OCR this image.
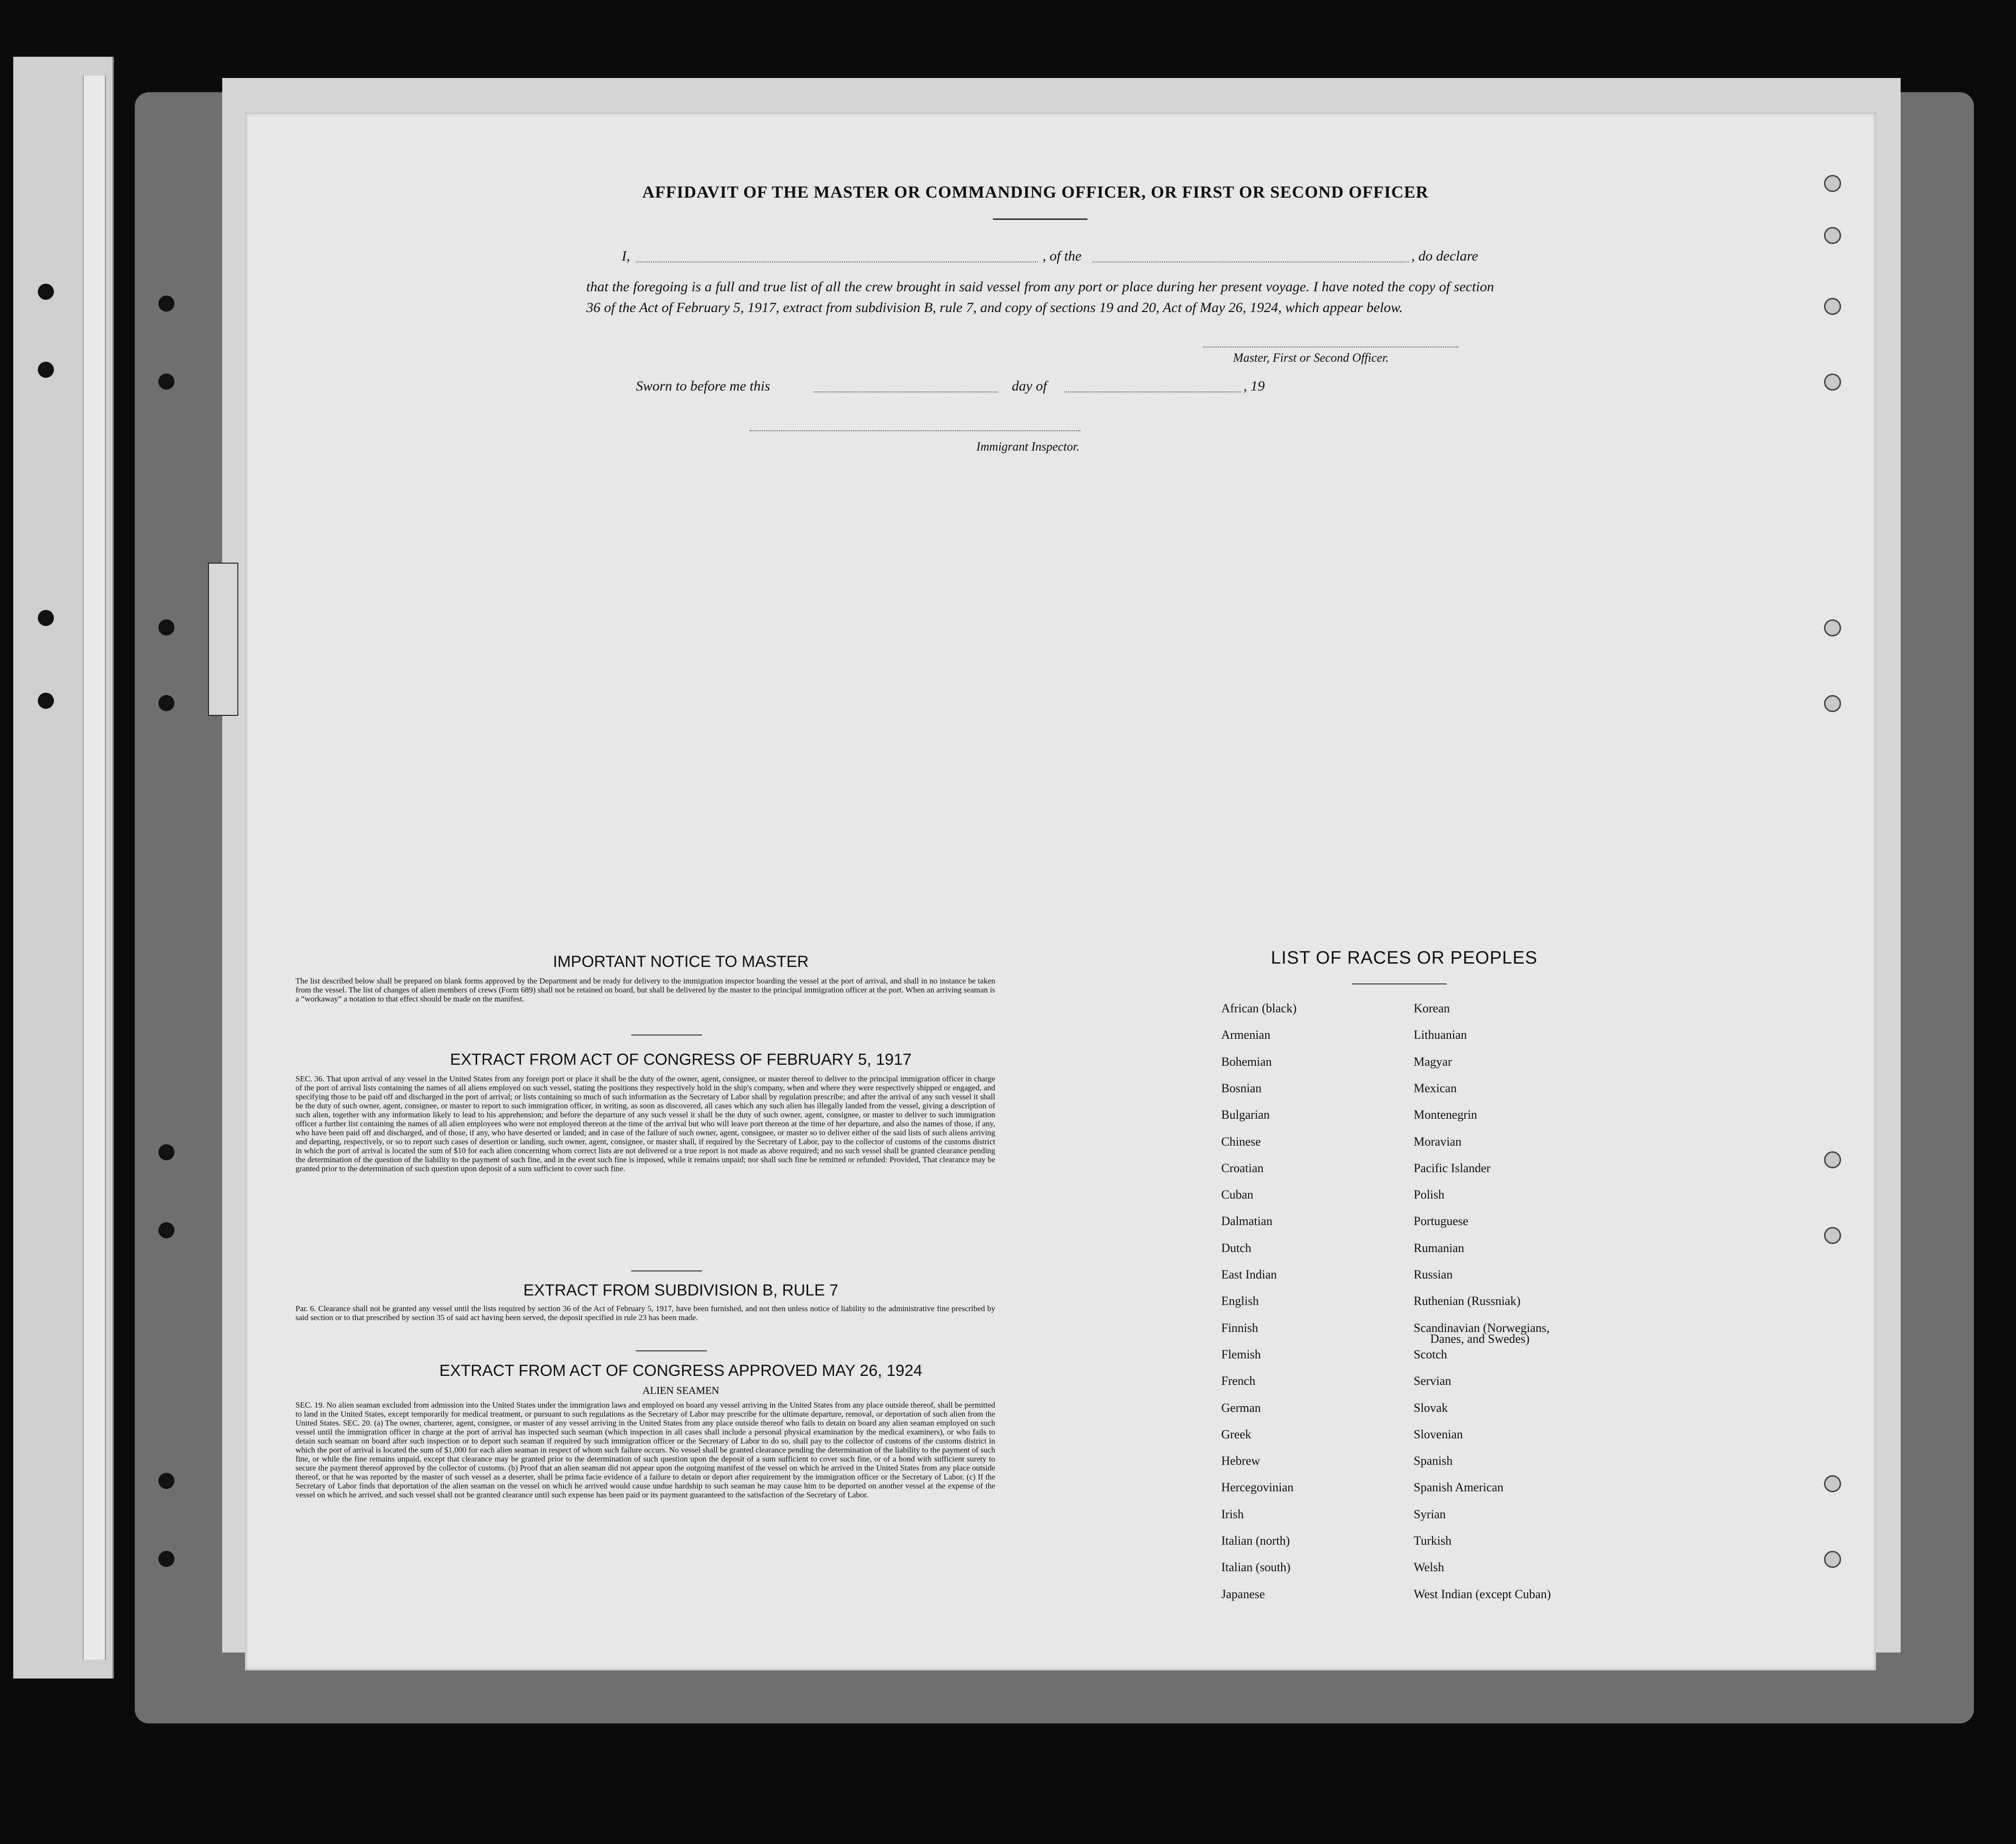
AFFIDAVIT OF THE MASTER OR COMMANDING OFFICER, OR FIRST OR SECOND OFFICER
I,	, of the	, do declare
that the foregoing is a full and true list of all the crew brought in said vessel from any port or place during her present voyage. I have noted the copy of section 36 of the Act of February 5, 1917, extract from subdivision B, rule 7, and copy of sections 19 and 20, Act of May 26, 1924, which appear below.
Master, First or Second Officer.
Sworn to before me this	day of	, 19
Immigrant Inspector.
IMPORTANT NOTICE TO MASTER
The list described below shall be prepared on blank forms approved by the Department and be ready for delivery to the immigration inspector boarding the vessel at the port of arrival, and shall in no instance be taken from the vessel. The list of changes of alien members of crews (Form 689) shall not be retained on board, but shall be delivered by the master to the principal immigration officer at the port. When an arriving seaman is a “workaway” a notation to that effect should be made on the manifest.
EXTRACT FROM ACT OF CONGRESS OF FEBRUARY 5, 1917
SEC. 36. That upon arrival of any vessel in the United States from any foreign port or place it shall be the duty of the owner, agent, consignee, or master thereof to deliver to the principal immigration officer in charge of the port of arrival lists containing the names of all aliens employed on such vessel, stating the positions they respectively hold in the ship's company, when and where they were respectively shipped or engaged, and specifying those to be paid off and discharged in the port of arrival; or lists containing so much of such information as the Secretary of Labor shall by regulation prescribe; and after the arrival of any such vessel it shall be the duty of such owner, agent, consignee, or master to report to such immigration officer, in writing, as soon as discovered, all cases which any such alien has illegally landed from the vessel, giving a description of such alien, together with any information likely to lead to his apprehension; and before the departure of any such vessel it shall be the duty of such owner, agent, consignee, or master to deliver to such immigration officer a further list containing the names of all alien employees who were not employed thereon at the time of the arrival but who will leave port thereon at the time of her departure, and also the names of those, if any, who have been paid off and discharged, and of those, if any, who have deserted or landed; and in case of the failure of such owner, agent, consignee, or master so to deliver either of the said lists of such aliens arriving and departing, respectively, or so to report such cases of desertion or landing, such owner, agent, consignee, or master shall, if required by the Secretary of Labor, pay to the collector of customs of the customs district in which the port of arrival is located the sum of $10 for each alien concerning whom correct lists are not delivered or a true report is not made as above required; and no such vessel shall be granted clearance pending the determination of the question of the liability to the payment of such fine, and in the event such fine is imposed, while it remains unpaid; nor shall such fine be remitted or refunded: Provided, That clearance may be granted prior to the determination of such question upon deposit of a sum sufficient to cover such fine.
EXTRACT FROM SUBDIVISION B, RULE 7
Par. 6. Clearance shall not be granted any vessel until the lists required by section 36 of the Act of February 5, 1917, have been furnished, and not then unless notice of liability to the administrative fine prescribed by said section or to that prescribed by section 35 of said act having been served, the deposit specified in rule 23 has been made.
EXTRACT FROM ACT OF CONGRESS APPROVED MAY 26, 1924
ALIEN SEAMEN
SEC. 19. No alien seaman excluded from admission into the United States under the immigration laws and employed on board any vessel arriving in the United States from any place outside thereof, shall be permitted to land in the United States, except temporarily for medical treatment, or pursuant to such regulations as the Secretary of Labor may prescribe for the ultimate departure, removal, or deportation of such alien from the United States. SEC. 20. (a) The owner, charterer, agent, consignee, or master of any vessel arriving in the United States from any place outside thereof who fails to detain on board any alien seaman employed on such vessel until the immigration officer in charge at the port of arrival has inspected such seaman (which inspection in all cases shall include a personal physical examination by the medical examiners), or who fails to detain such seaman on board after such inspection or to deport such seaman if required by such immigration officer or the Secretary of Labor to do so, shall pay to the collector of customs of the customs district in which the port of arrival is located the sum of $1,000 for each alien seaman in respect of whom such failure occurs. No vessel shall be granted clearance pending the determination of the liability to the payment of such fine, or while the fine remains unpaid, except that clearance may be granted prior to the determination of such question upon the deposit of a sum sufficient to cover such fine, or of a bond with sufficient surety to secure the payment thereof approved by the collector of customs. (b) Proof that an alien seaman did not appear upon the outgoing manifest of the vessel on which he arrived in the United States from any place outside thereof, or that he was reported by the master of such vessel as a deserter, shall be prima facie evidence of a failure to detain or deport after requirement by the immigration officer or the Secretary of Labor. (c) If the Secretary of Labor finds that deportation of the alien seaman on the vessel on which he arrived would cause undue hardship to such seaman he may cause him to be deported on another vessel at the expense of the vessel on which he arrived, and such vessel shall not be granted clearance until such expense has been paid or its payment guaranteed to the satisfaction of the Secretary of Labor.
LIST OF RACES OR PEOPLES
African (black)
Armenian
Bohemian
Bosnian
Bulgarian
Chinese
Croatian
Cuban
Dalmatian
Dutch
East Indian
English
Finnish
Flemish
French
German
Greek
Hebrew
Hercegovinian
Irish
Italian (north)
Italian (south)
Japanese
Korean
Lithuanian
Magyar
Mexican
Montenegrin
Moravian
Pacific Islander
Polish
Portuguese
Rumanian
Russian
Ruthenian (Russniak)
Scandinavian (Norwegians,
Scotch
Servian
Slovak
Slovenian
Spanish
Spanish American
Syrian
Turkish
Welsh
West Indian (except Cuban)
Danes, and Swedes)
